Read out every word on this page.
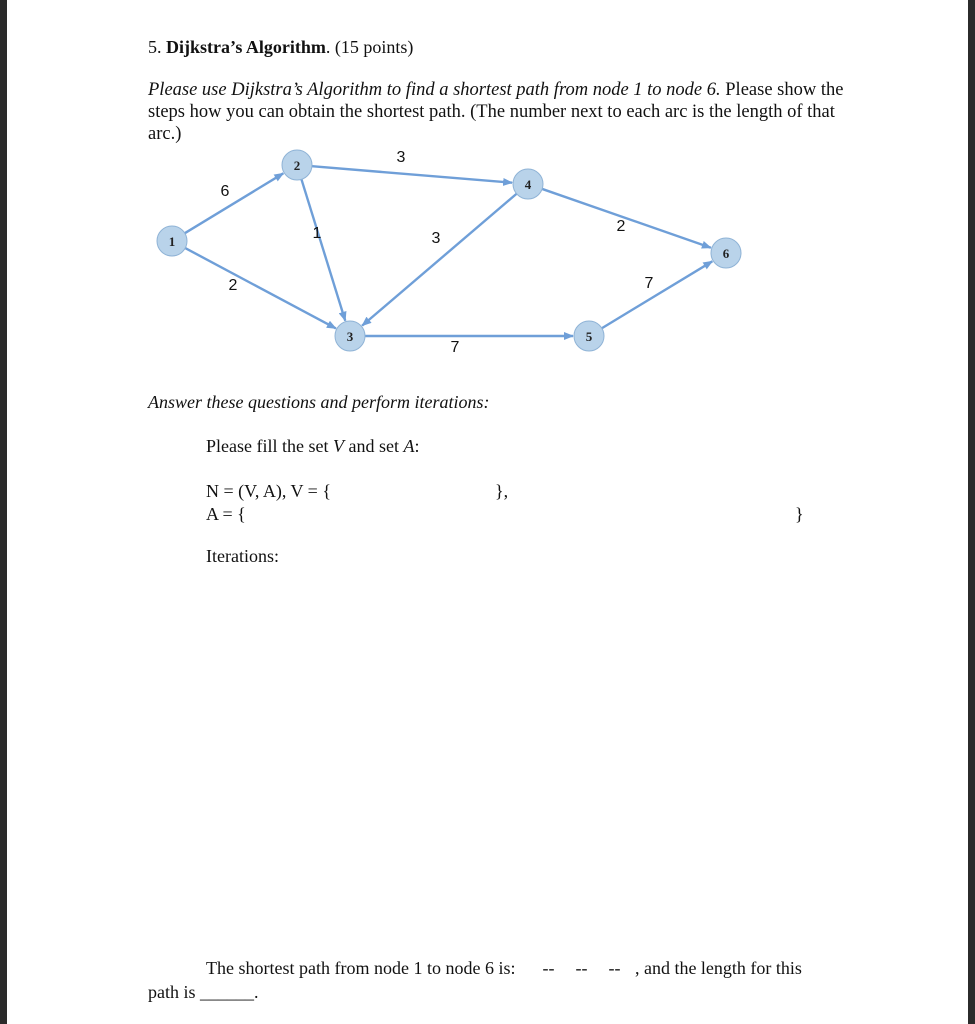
5. Dijkstra’s Algorithm. (15 points)
Please use Dijkstra’s Algorithm to find a shortest path from node 1 to node 6. Please show the steps how you can obtain the shortest path. (The number next to each arc is the length of that arc.)
1
2
3
4
5
6
6
2
3
1	3
2
7
7
Answer these questions and perform iterations:
Please fill the set V and set A:
N = (V, A), V = {	},
A = {	}
Iterations:
The shortest path from node 1 to node 6 is: -- -- -- , and the length for this
path is ______.
